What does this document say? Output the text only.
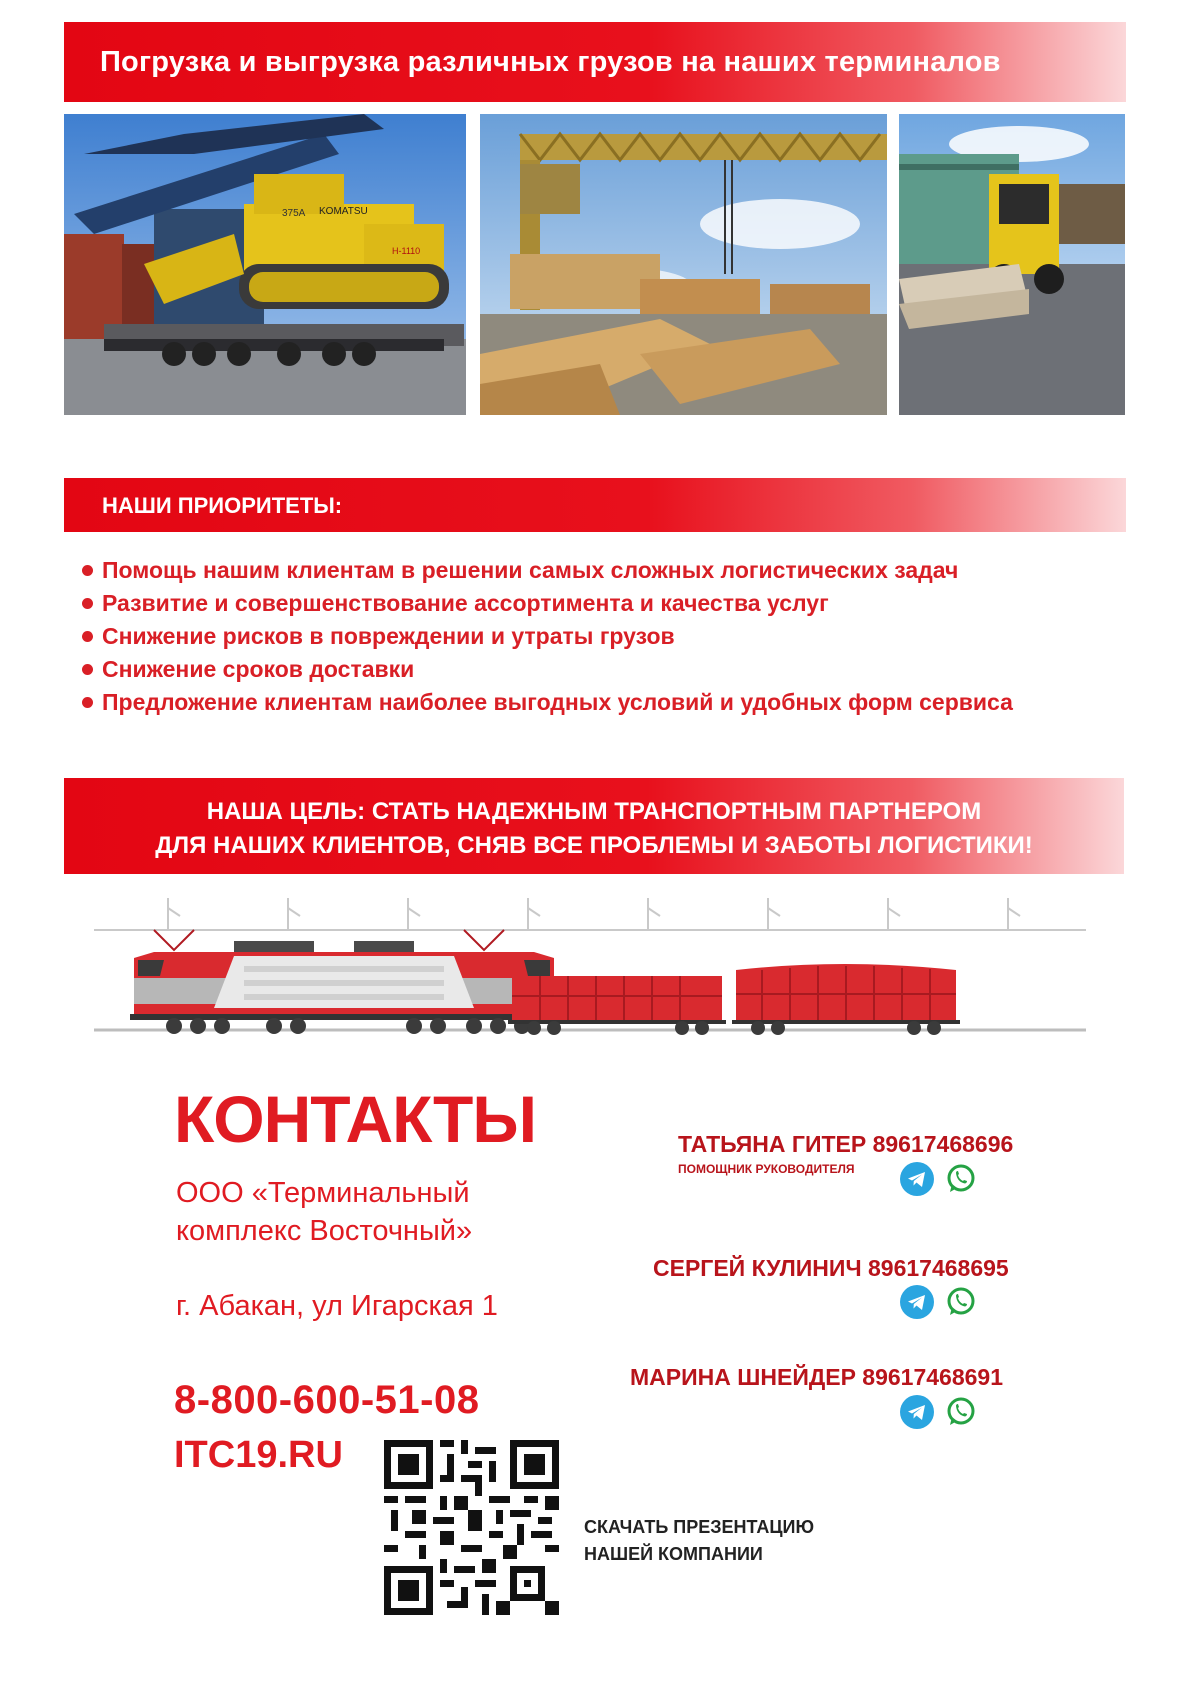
Погрузка и выгрузка различных грузов на наших терминалов
375A KOMATSU
H-1110
НАШИ ПРИОРИТЕТЫ:
Помощь нашим клиентам в решении самых сложных логистических задач
Развитие и совершенствование ассортимента и качества услуг
Снижение рисков в повреждении и утраты грузов
Снижение сроков доставки
Предложение клиентам наиболее выгодных условий и удобных форм сервиса
НАША ЦЕЛЬ: СТАТЬ НАДЕЖНЫМ ТРАНСПОРТНЫМ ПАРТНЕРОМ
ДЛЯ НАШИХ КЛИЕНТОВ, СНЯВ ВСЕ ПРОБЛЕМЫ И ЗАБОТЫ ЛОГИСТИКИ!
КОНТАКТЫ
ООО «Терминальный
комплекс Восточный»
г. Абакан, ул Игарская 1
8-800-600-51-08
ITC19.RU
ТАТЬЯНА ГИТЕР 89617468696
ПОМОЩНИК РУКОВОДИТЕЛЯ
СЕРГЕЙ КУЛИНИЧ 89617468695
МАРИНА ШНЕЙДЕР 89617468691
СКАЧАТЬ ПРЕЗЕНТАЦИЮ
НАШЕЙ КОМПАНИИ
